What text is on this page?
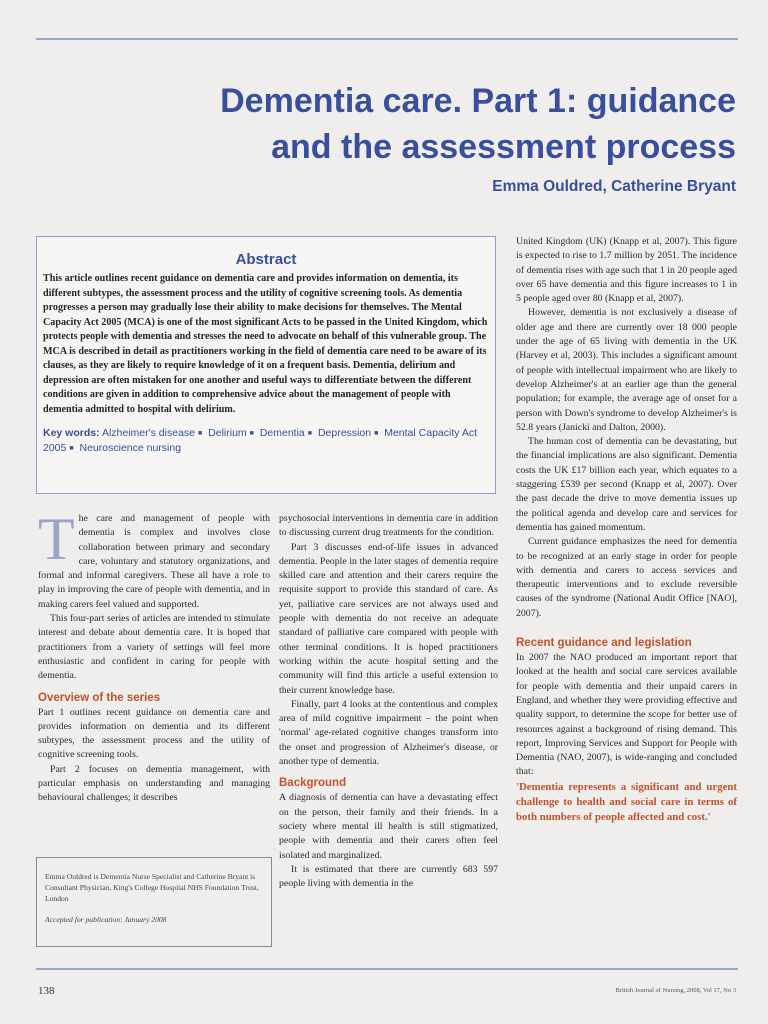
Dementia care. Part 1: guidance
and the assessment process
Emma Ouldred, Catherine Bryant
Abstract

This article outlines recent guidance on dementia care and provides information on dementia, its different subtypes, the assessment process and the utility of cognitive screening tools. As dementia progresses a person may gradually lose their ability to make decisions for themselves. The Mental Capacity Act 2005 (MCA) is one of the most significant Acts to be passed in the United Kingdom, which protects people with dementia and stresses the need to advocate on behalf of this vulnerable group. The MCA is described in detail as practitioners working in the field of dementia care need to be aware of its clauses, as they are likely to require knowledge of it on a frequent basis. Dementia, delirium and depression are often mistaken for one another and useful ways to differentiate between the different conditions are given in addition to comprehensive advice about the management of people with dementia admitted to hospital with delirium.

Key words: Alzheimer's disease ■ Delirium ■ Dementia ■ Depression ■ Mental Capacity Act 2005 ■ Neuroscience nursing
T he care and management of people with dementia is complex and involves close collaboration between primary and secondary care, voluntary and statutory organizations, and formal and informal caregivers. These all have a role to play in improving the care of people with dementia, and in making carers feel valued and supported.

This four-part series of articles are intended to stimulate interest and debate about dementia care. It is hoped that practitioners from a variety of settings will feel more enthusiastic and confident in caring for people with dementia.

Overview of the series

Part 1 outlines recent guidance on dementia care and provides information on dementia and its different subtypes, the assessment process and the utility of cognitive screening tools.

Part 2 focuses on dementia management, with particular emphasis on understanding and managing behavioural challenges; it describes

Emma Ouldred is Dementia Nurse Specialist and Catherine Bryant is Consultant Physician, King's College Hospital NHS Foundation Trust, London
Accepted for publication: January 2008

psychosocial interventions in dementia care in addition to discussing current drug treatments for the condition.

Part 3 discusses end-of-life issues in advanced dementia. People in the later stages of dementia require skilled care and attention and their carers require the requisite support to provide this standard of care. As yet, palliative care services are not always used and people with dementia do not receive an adequate standard of palliative care compared with people with other terminal conditions. It is hoped practitioners working within the acute hospital setting and the community will find this article a useful extension to their current knowledge base.

Finally, part 4 looks at the contentious and complex area of mild cognitive impairment – the point when 'normal' age-related cognitive changes transform into the onset and progression of Alzheimer's disease, or another type of dementia.

Background

A diagnosis of dementia can have a devastating effect on the person, their family and their friends. In a society where mental ill health is still stigmatized, people with dementia and their carers often feel isolated and marginalized.

It is estimated that there are currently 683 597 people living with dementia in the

United Kingdom (UK) (Knapp et al, 2007). This figure is expected to rise to 1.7 million by 2051. The incidence of dementia rises with age such that 1 in 20 people aged over 65 have dementia and this figure increases to 1 in 5 people aged over 80 (Knapp et al, 2007).

However, dementia is not exclusively a disease of older age and there are currently over 18 000 people under the age of 65 living with dementia in the UK (Harvey et al, 2003). This includes a significant amount of people with intellectual impairment who are likely to develop Alzheimer's at an earlier age than the general population; for example, the average age of onset for a person with Down's syndrome to develop Alzheimer's is 52.8 years (Janicki and Dalton, 2000).

The human cost of dementia can be devastating, but the financial implications are also significant. Dementia costs the UK £17 billion each year, which equates to a staggering £539 per second (Knapp et al, 2007). Over the past decade the drive to move dementia issues up the political agenda and develop care and services for dementia has gained momentum.

Current guidance emphasizes the need for dementia to be recognized at an early stage in order for people with dementia and carers to access services and therapeutic interventions and to exclude reversible causes of the syndrome (National Audit Office [NAO], 2007).

Recent guidance and legislation

In 2007 the NAO produced an important report that looked at the health and social care services available for people with dementia and their unpaid carers in England, and whether they were providing effective and quality support, to determine the scope for better use of resources against a background of rising demand. This report, Improving Services and Support for People with Dementia (NAO, 2007), is wide-ranging and concluded that:

'Dementia represents a significant and urgent challenge to health and social care in terms of both numbers of people affected and cost.'

138	British Journal of Nursing, 2008, Vol 17, No 3
